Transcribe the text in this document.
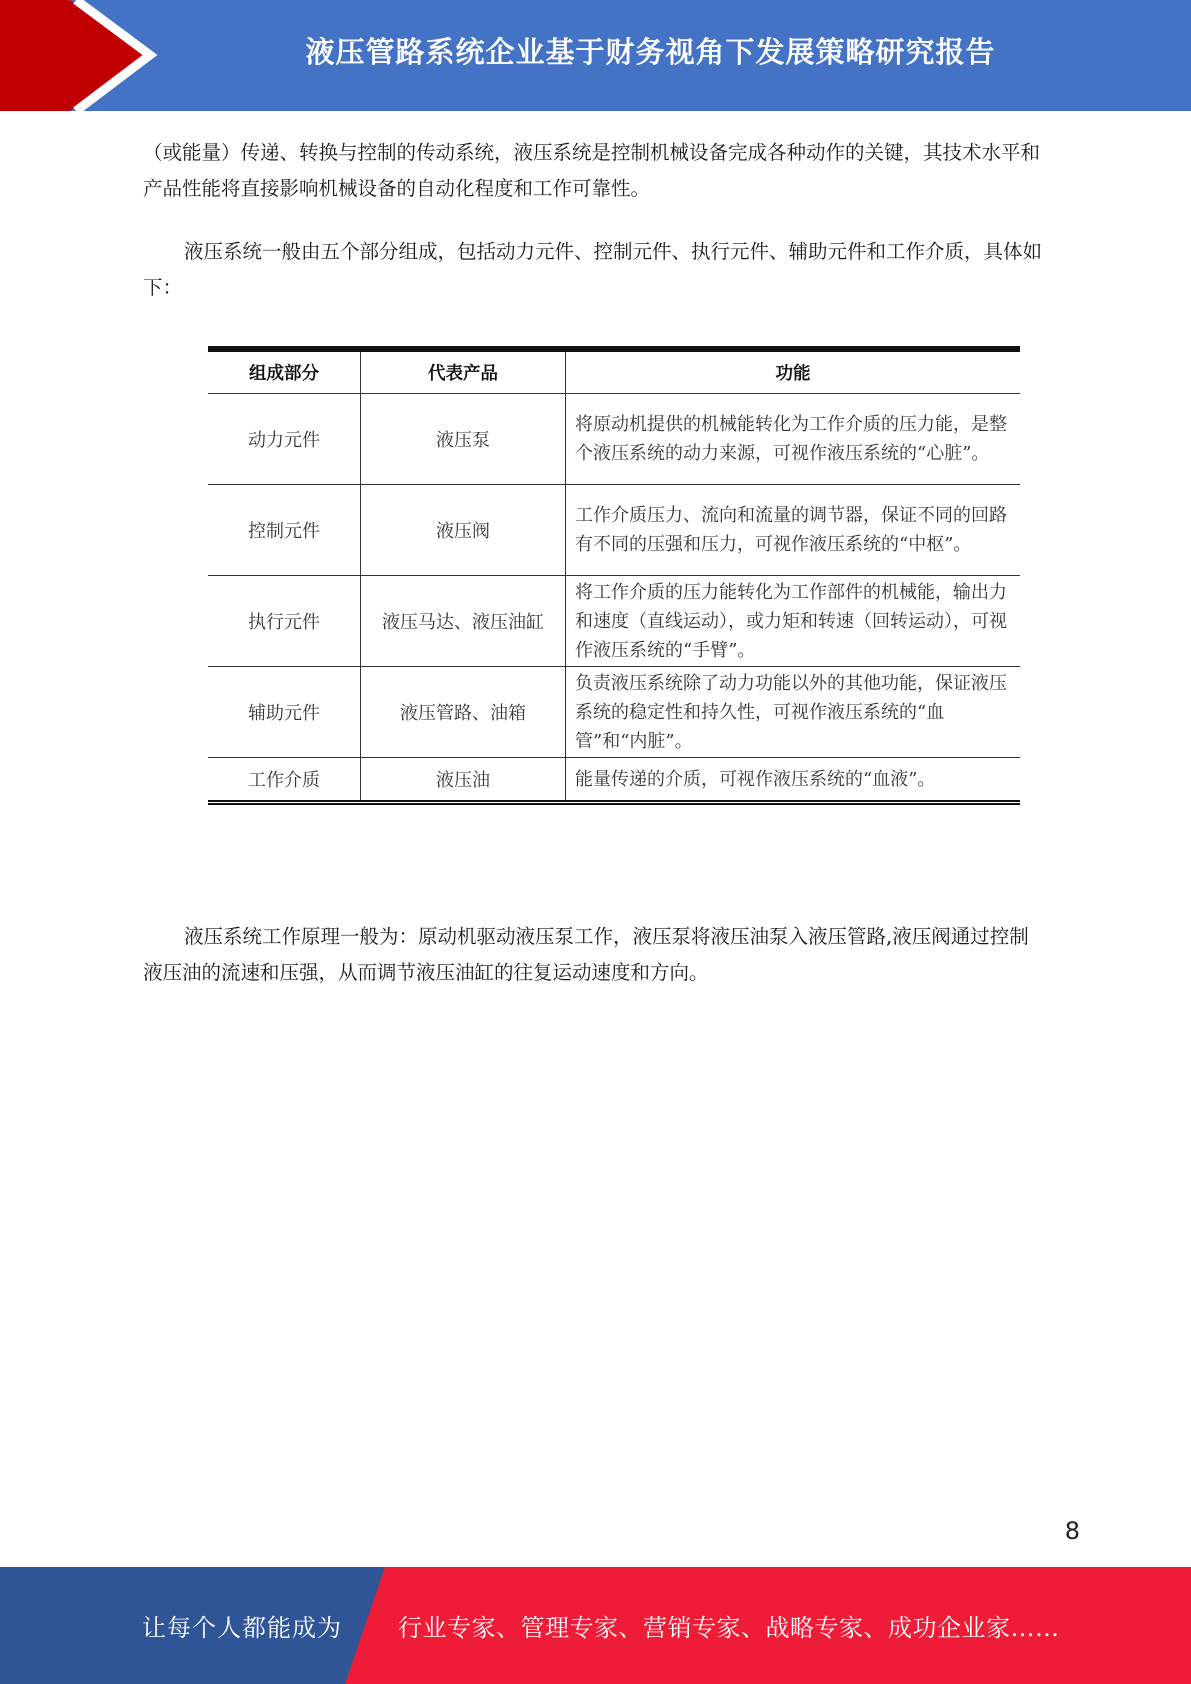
液压管路系统企业基于财务视角下发展策略研究报告

（或能量）传递、转换与控制的传动系统，液压系统是控制机械设备完成各种动作的关键，其技术水平和产品性能将直接影响机械设备的自动化程度和工作可靠性。

液压系统一般由五个部分组成，包括动力元件、控制元件、执行元件、辅助元件和工作介质，具体如下：

组成部分	代表产品	功能
动力元件	液压泵	将原动机提供的机械能转化为工作介质的压力能，是整个液压系统的动力来源，可视作液压系统的“心脏”。
控制元件	液压阀	工作介质压力、流向和流量的调节器，保证不同的回路有不同的压强和压力，可视作液压系统的“中枢”。
执行元件	液压马达、液压油缸	将工作介质的压力能转化为工作部件的机械能，输出力和速度（直线运动），或力矩和转速（回转运动），可视作液压系统的“手臂”。
辅助元件	液压管路、油箱	负责液压系统除了动力功能以外的其他功能，保证液压系统的稳定性和持久性，可视作液压系统的“血管”和“内脏”。
工作介质	液压油	能量传递的介质，可视作液压系统的“血液”。

液压系统工作原理一般为：原动机驱动液压泵工作，液压泵将液压油泵入液压管路,液压阀通过控制液压油的流速和压强，从而调节液压油缸的往复运动速度和方向。

8
让每个人都能成为 行业专家、管理专家、营销专家、战略专家、成功企业家……
